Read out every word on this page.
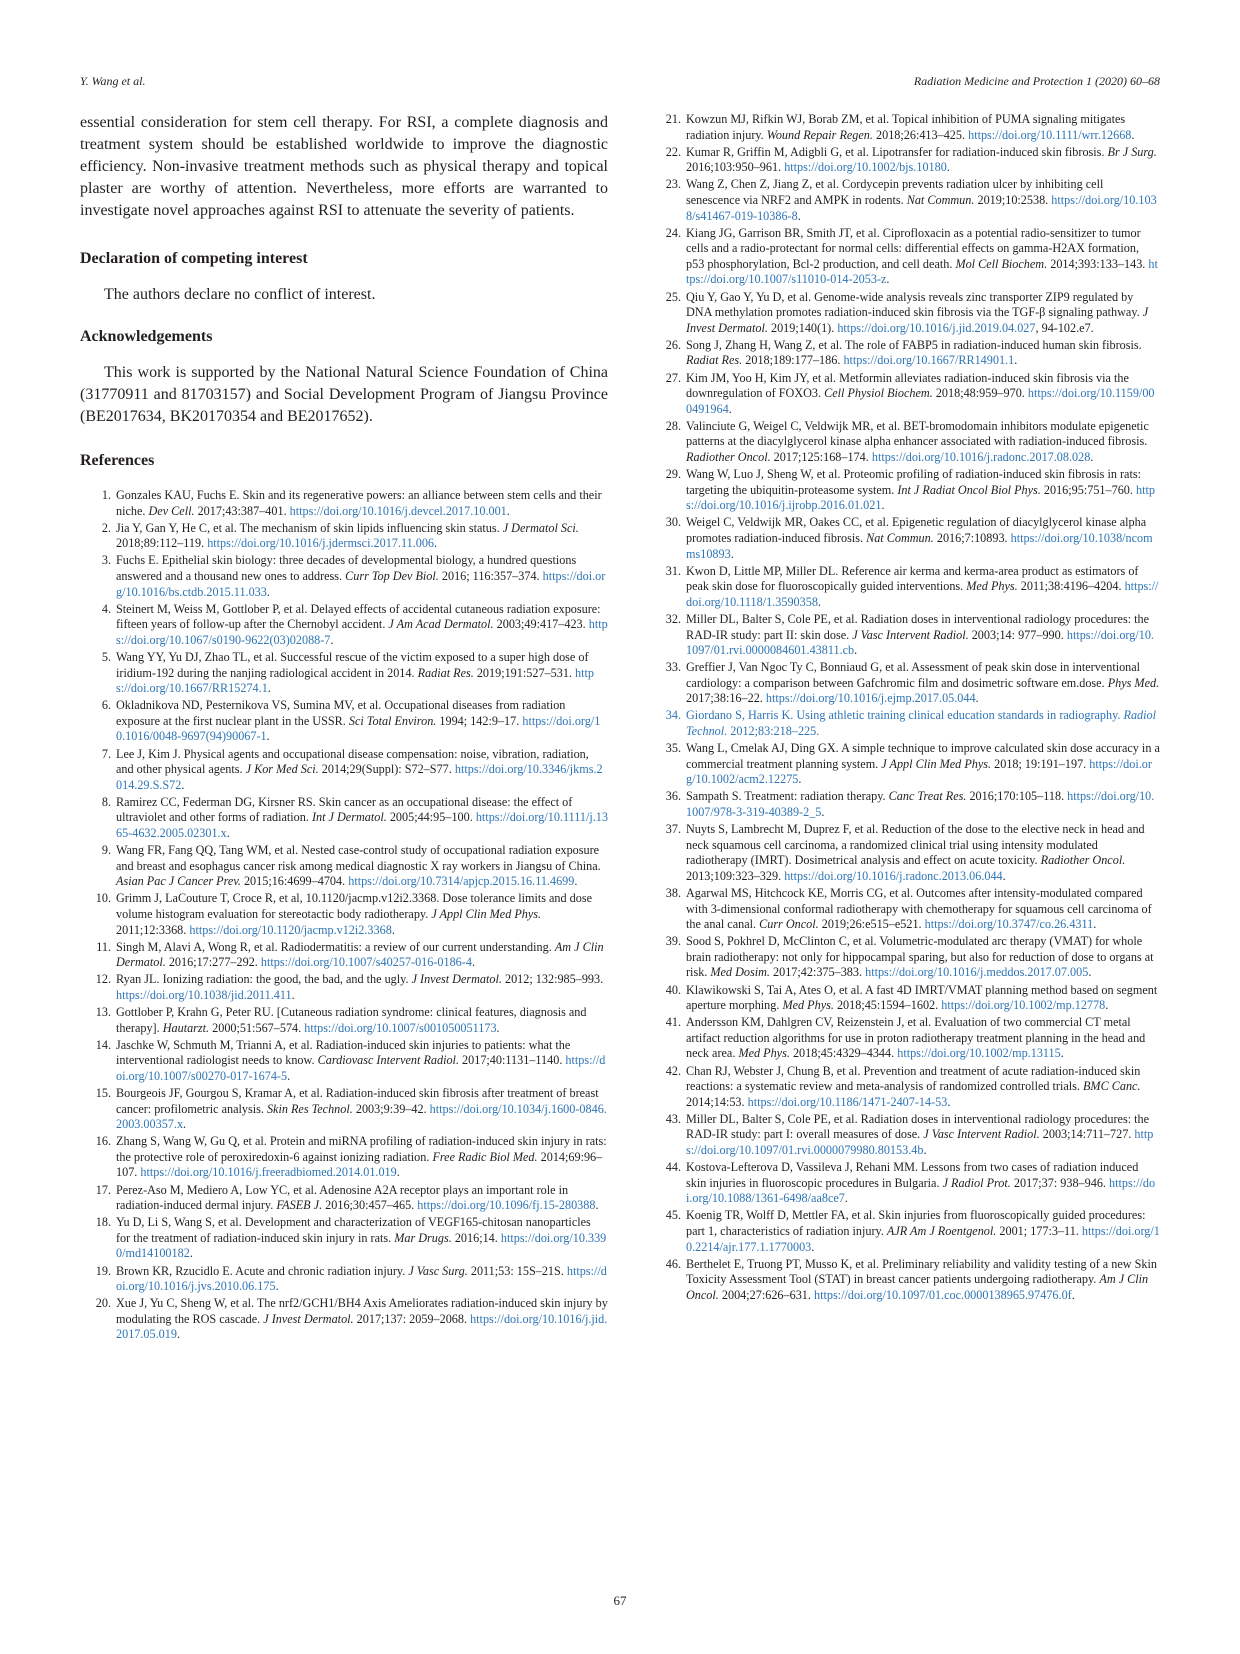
Y. Wang et al.	Radiation Medicine and Protection 1 (2020) 60–68

essential consideration for stem cell therapy. For RSI, a complete diagnosis and treatment system should be established worldwide to improve the diagnostic efficiency. Non-invasive treatment methods such as physical therapy and topical plaster are worthy of attention. Nevertheless, more efforts are warranted to investigate novel approaches against RSI to attenuate the severity of patients.

Declaration of competing interest

The authors declare no conflict of interest.

Acknowledgements

This work is supported by the National Natural Science Foundation of China (31770911 and 81703157) and Social Development Program of Jiangsu Province (BE2017634, BK20170354 and BE2017652).

References
1. Gonzales KAU, Fuchs E. Skin and its regenerative powers: an alliance between stem cells and their niche. Dev Cell. 2017;43:387–401. https://doi.org/10.1016/j.devcel.2017.10.001.
2. Jia Y, Gan Y, He C, et al. The mechanism of skin lipids influencing skin status. J Dermatol Sci. 2018;89:112–119. https://doi.org/10.1016/j.jdermsci.2017.11.006.
3. Fuchs E. Epithelial skin biology: three decades of developmental biology, a hundred questions answered and a thousand new ones to address. Curr Top Dev Biol. 2016; 116:357–374. https://doi.org/10.1016/bs.ctdb.2015.11.033.
4. Steinert M, Weiss M, Gottlober P, et al. Delayed effects of accidental cutaneous radiation exposure: fifteen years of follow-up after the Chernobyl accident. J Am Acad Dermatol. 2003;49:417–423. https://doi.org/10.1067/s0190-9622(03)02088-7.
5. Wang YY, Yu DJ, Zhao TL, et al. Successful rescue of the victim exposed to a super high dose of iridium-192 during the nanjing radiological accident in 2014. Radiat Res. 2019;191:527–531. https://doi.org/10.1667/RR15274.1.
6. Okladnikova ND, Pesternikova VS, Sumina MV, et al. Occupational diseases from radiation exposure at the first nuclear plant in the USSR. Sci Total Environ. 1994; 142:9–17. https://doi.org/10.1016/0048-9697(94)90067-1.
7. Lee J, Kim J. Physical agents and occupational disease compensation: noise, vibration, radiation, and other physical agents. J Kor Med Sci. 2014;29(Suppl): S72–S77. https://doi.org/10.3346/jkms.2014.29.S.S72.
8. Ramirez CC, Federman DG, Kirsner RS. Skin cancer as an occupational disease: the effect of ultraviolet and other forms of radiation. Int J Dermatol. 2005;44:95–100. https://doi.org/10.1111/j.1365-4632.2005.02301.x.
9. Wang FR, Fang QQ, Tang WM, et al. Nested case-control study of occupational radiation exposure and breast and esophagus cancer risk among medical diagnostic X ray workers in Jiangsu of China. Asian Pac J Cancer Prev. 2015;16:4699–4704. https://doi.org/10.7314/apjcp.2015.16.11.4699.
10. Grimm J, LaCouture T, Croce R, et al, 10.1120/jacmp.v12i2.3368. Dose tolerance limits and dose volume histogram evaluation for stereotactic body radiotherapy. J Appl Clin Med Phys. 2011;12:3368. https://doi.org/10.1120/jacmp.v12i2.3368.
11. Singh M, Alavi A, Wong R, et al. Radiodermatitis: a review of our current understanding. Am J Clin Dermatol. 2016;17:277–292. https://doi.org/10.1007/s40257-016-0186-4.
12. Ryan JL. Ionizing radiation: the good, the bad, and the ugly. J Invest Dermatol. 2012; 132:985–993. https://doi.org/10.1038/jid.2011.411.
13. Gottlober P, Krahn G, Peter RU. [Cutaneous radiation syndrome: clinical features, diagnosis and therapy]. Hautarzt. 2000;51:567–574. https://doi.org/10.1007/s001050051173.
14. Jaschke W, Schmuth M, Trianni A, et al. Radiation-induced skin injuries to patients: what the interventional radiologist needs to know. Cardiovasc Intervent Radiol. 2017;40:1131–1140. https://doi.org/10.1007/s00270-017-1674-5.
15. Bourgeois JF, Gourgou S, Kramar A, et al. Radiation-induced skin fibrosis after treatment of breast cancer: profilometric analysis. Skin Res Technol. 2003;9:39–42. https://doi.org/10.1034/j.1600-0846.2003.00357.x.
16. Zhang S, Wang W, Gu Q, et al. Protein and miRNA profiling of radiation-induced skin injury in rats: the protective role of peroxiredoxin-6 against ionizing radiation. Free Radic Biol Med. 2014;69:96–107. https://doi.org/10.1016/j.freeradbiomed.2014.01.019.
17. Perez-Aso M, Mediero A, Low YC, et al. Adenosine A2A receptor plays an important role in radiation-induced dermal injury. FASEB J. 2016;30:457–465. https://doi.org/10.1096/fj.15-280388.
18. Yu D, Li S, Wang S, et al. Development and characterization of VEGF165-chitosan nanoparticles for the treatment of radiation-induced skin injury in rats. Mar Drugs. 2016;14. https://doi.org/10.3390/md14100182.
19. Brown KR, Rzucidlo E. Acute and chronic radiation injury. J Vasc Surg. 2011;53: 15S–21S. https://doi.org/10.1016/j.jvs.2010.06.175.
20. Xue J, Yu C, Sheng W, et al. The nrf2/GCH1/BH4 Axis Ameliorates radiation-induced skin injury by modulating the ROS cascade. J Invest Dermatol. 2017;137: 2059–2068. https://doi.org/10.1016/j.jid.2017.05.019.
21. Kowzun MJ, Rifkin WJ, Borab ZM, et al. Topical inhibition of PUMA signaling mitigates radiation injury. Wound Repair Regen. 2018;26:413–425. https://doi.org/10.1111/wrr.12668.
22. Kumar R, Griffin M, Adigbli G, et al. Lipotransfer for radiation-induced skin fibrosis. Br J Surg. 2016;103:950–961. https://doi.org/10.1002/bjs.10180.
23. Wang Z, Chen Z, Jiang Z, et al. Cordycepin prevents radiation ulcer by inhibiting cell senescence via NRF2 and AMPK in rodents. Nat Commun. 2019;10:2538. https://doi.org/10.1038/s41467-019-10386-8.
24. Kiang JG, Garrison BR, Smith JT, et al. Ciprofloxacin as a potential radio-sensitizer to tumor cells and a radio-protectant for normal cells: differential effects on gamma-H2AX formation, p53 phosphorylation, Bcl-2 production, and cell death. Mol Cell Biochem. 2014;393:133–143. https://doi.org/10.1007/s11010-014-2053-z.
25. Qiu Y, Gao Y, Yu D, et al. Genome-wide analysis reveals zinc transporter ZIP9 regulated by DNA methylation promotes radiation-induced skin fibrosis via the TGF-β signaling pathway. J Invest Dermatol. 2019;140(1). https://doi.org/10.1016/j.jid.2019.04.027, 94-102.e7.
26. Song J, Zhang H, Wang Z, et al. The role of FABP5 in radiation-induced human skin fibrosis. Radiat Res. 2018;189:177–186. https://doi.org/10.1667/RR14901.1.
27. Kim JM, Yoo H, Kim JY, et al. Metformin alleviates radiation-induced skin fibrosis via the downregulation of FOXO3. Cell Physiol Biochem. 2018;48:959–970. https://doi.org/10.1159/000491964.
28. Valinciute G, Weigel C, Veldwijk MR, et al. BET-bromodomain inhibitors modulate epigenetic patterns at the diacylglycerol kinase alpha enhancer associated with radiation-induced fibrosis. Radiother Oncol. 2017;125:168–174. https://doi.org/10.1016/j.radonc.2017.08.028.
29. Wang W, Luo J, Sheng W, et al. Proteomic profiling of radiation-induced skin fibrosis in rats: targeting the ubiquitin-proteasome system. Int J Radiat Oncol Biol Phys. 2016;95:751–760. https://doi.org/10.1016/j.ijrobp.2016.01.021.
30. Weigel C, Veldwijk MR, Oakes CC, et al. Epigenetic regulation of diacylglycerol kinase alpha promotes radiation-induced fibrosis. Nat Commun. 2016;7:10893. https://doi.org/10.1038/ncomms10893.
31. Kwon D, Little MP, Miller DL. Reference air kerma and kerma-area product as estimators of peak skin dose for fluoroscopically guided interventions. Med Phys. 2011;38:4196–4204. https://doi.org/10.1118/1.3590358.
32. Miller DL, Balter S, Cole PE, et al. Radiation doses in interventional radiology procedures: the RAD-IR study: part II: skin dose. J Vasc Intervent Radiol. 2003;14: 977–990. https://doi.org/10.1097/01.rvi.0000084601.43811.cb.
33. Greffier J, Van Ngoc Ty C, Bonniaud G, et al. Assessment of peak skin dose in interventional cardiology: a comparison between Gafchromic film and dosimetric software em.dose. Phys Med. 2017;38:16–22. https://doi.org/10.1016/j.ejmp.2017.05.044.
34. Giordano S, Harris K. Using athletic training clinical education standards in radiography. Radiol Technol. 2012;83:218–225.
35. Wang L, Cmelak AJ, Ding GX. A simple technique to improve calculated skin dose accuracy in a commercial treatment planning system. J Appl Clin Med Phys. 2018; 19:191–197. https://doi.org/10.1002/acm2.12275.
36. Sampath S. Treatment: radiation therapy. Canc Treat Res. 2016;170:105–118. https://doi.org/10.1007/978-3-319-40389-2_5.
37. Nuyts S, Lambrecht M, Duprez F, et al. Reduction of the dose to the elective neck in head and neck squamous cell carcinoma, a randomized clinical trial using intensity modulated radiotherapy (IMRT). Dosimetrical analysis and effect on acute toxicity. Radiother Oncol. 2013;109:323–329. https://doi.org/10.1016/j.radonc.2013.06.044.
38. Agarwal MS, Hitchcock KE, Morris CG, et al. Outcomes after intensity-modulated compared with 3-dimensional conformal radiotherapy with chemotherapy for squamous cell carcinoma of the anal canal. Curr Oncol. 2019;26:e515–e521. https://doi.org/10.3747/co.26.4311.
39. Sood S, Pokhrel D, McClinton C, et al. Volumetric-modulated arc therapy (VMAT) for whole brain radiotherapy: not only for hippocampal sparing, but also for reduction of dose to organs at risk. Med Dosim. 2017;42:375–383. https://doi.org/10.1016/j.meddos.2017.07.005.
40. Klawikowski S, Tai A, Ates O, et al. A fast 4D IMRT/VMAT planning method based on segment aperture morphing. Med Phys. 2018;45:1594–1602. https://doi.org/10.1002/mp.12778.
41. Andersson KM, Dahlgren CV, Reizenstein J, et al. Evaluation of two commercial CT metal artifact reduction algorithms for use in proton radiotherapy treatment planning in the head and neck area. Med Phys. 2018;45:4329–4344. https://doi.org/10.1002/mp.13115.
42. Chan RJ, Webster J, Chung B, et al. Prevention and treatment of acute radiation-induced skin reactions: a systematic review and meta-analysis of randomized controlled trials. BMC Canc. 2014;14:53. https://doi.org/10.1186/1471-2407-14-53.
43. Miller DL, Balter S, Cole PE, et al. Radiation doses in interventional radiology procedures: the RAD-IR study: part I: overall measures of dose. J Vasc Intervent Radiol. 2003;14:711–727. https://doi.org/10.1097/01.rvi.0000079980.80153.4b.
44. Kostova-Lefterova D, Vassileva J, Rehani MM. Lessons from two cases of radiation induced skin injuries in fluoroscopic procedures in Bulgaria. J Radiol Prot. 2017;37: 938–946. https://doi.org/10.1088/1361-6498/aa8ce7.
45. Koenig TR, Wolff D, Mettler FA, et al. Skin injuries from fluoroscopically guided procedures: part 1, characteristics of radiation injury. AJR Am J Roentgenol. 2001; 177:3–11. https://doi.org/10.2214/ajr.177.1.1770003.
46. Berthelet E, Truong PT, Musso K, et al. Preliminary reliability and validity testing of a new Skin Toxicity Assessment Tool (STAT) in breast cancer patients undergoing radiotherapy. Am J Clin Oncol. 2004;27:626–631. https://doi.org/10.1097/01.coc.0000138965.97476.0f.
67
